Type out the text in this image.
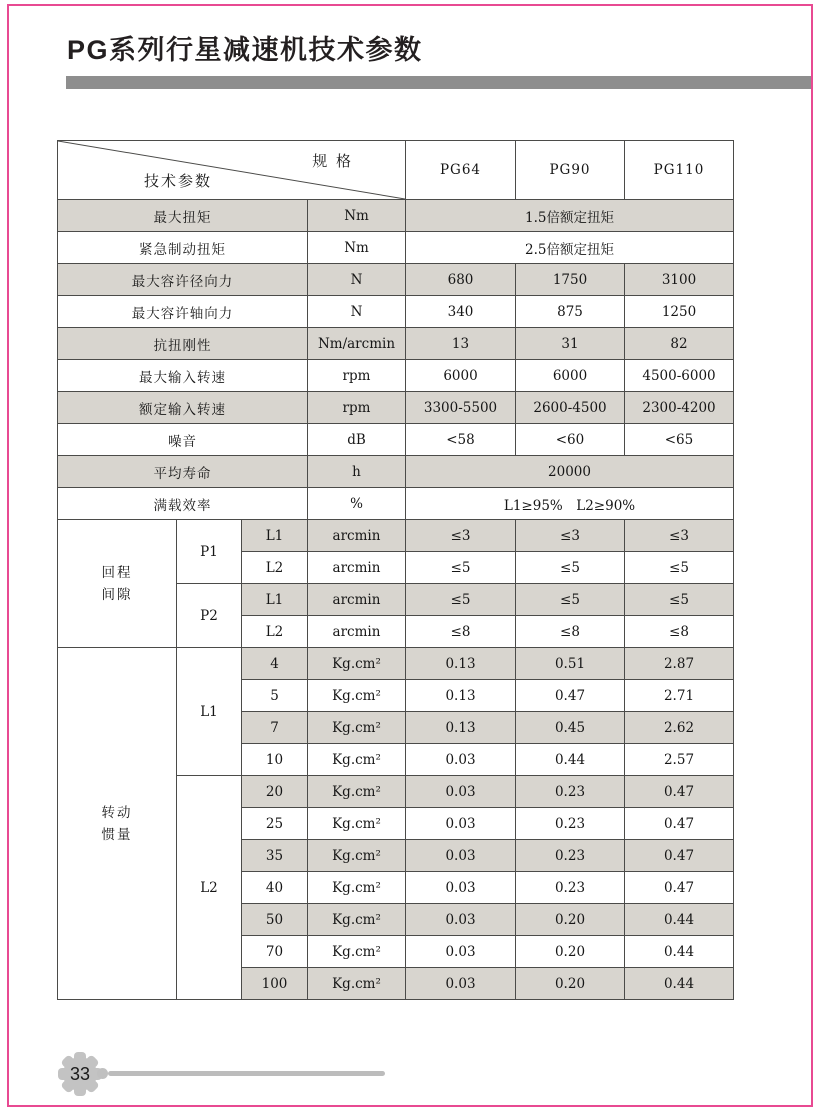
PG系列行星减速机技术参数
规 格
技术参数				PG64	PG90	PG110
最大扭矩			Nm	1.5倍额定扭矩		
紧急制动扭矩			Nm	2.5倍额定扭矩		
最大容许径向力			N	680	1750	3100
最大容许轴向力			N	340	875	1250
抗扭刚性			Nm/arcmin	13	31	82
最大输入转速			rpm	6000	6000	4500-6000
额定输入转速			rpm	3300-5500	2600-4500	2300-4200
噪音			dB	<58	<60	<65
平均寿命			h	20000		
满载效率			%	L1≥95%　L2≥90%		

回程
间隙	P1	L1	arcmin	≤3	≤3	≤3
		L2	arcmin	≤5	≤5	≤5
	P2	L1	arcmin	≤5	≤5	≤5
		L2	arcmin	≤8	≤8	≤8

转动
惯量	L1	4	Kg.cm²	0.13	0.51	2.87
		5	Kg.cm²	0.13	0.47	2.71
		7	Kg.cm²	0.13	0.45	2.62
		10	Kg.cm²	0.03	0.44	2.57
	L2	20	Kg.cm²	0.03	0.23	0.47
		25	Kg.cm²	0.03	0.23	0.47
		35	Kg.cm²	0.03	0.23	0.47
		40	Kg.cm²	0.03	0.23	0.47
		50	Kg.cm²	0.03	0.20	0.44
		70	Kg.cm²	0.03	0.20	0.44
		100	Kg.cm²	0.03	0.20	0.44
33
